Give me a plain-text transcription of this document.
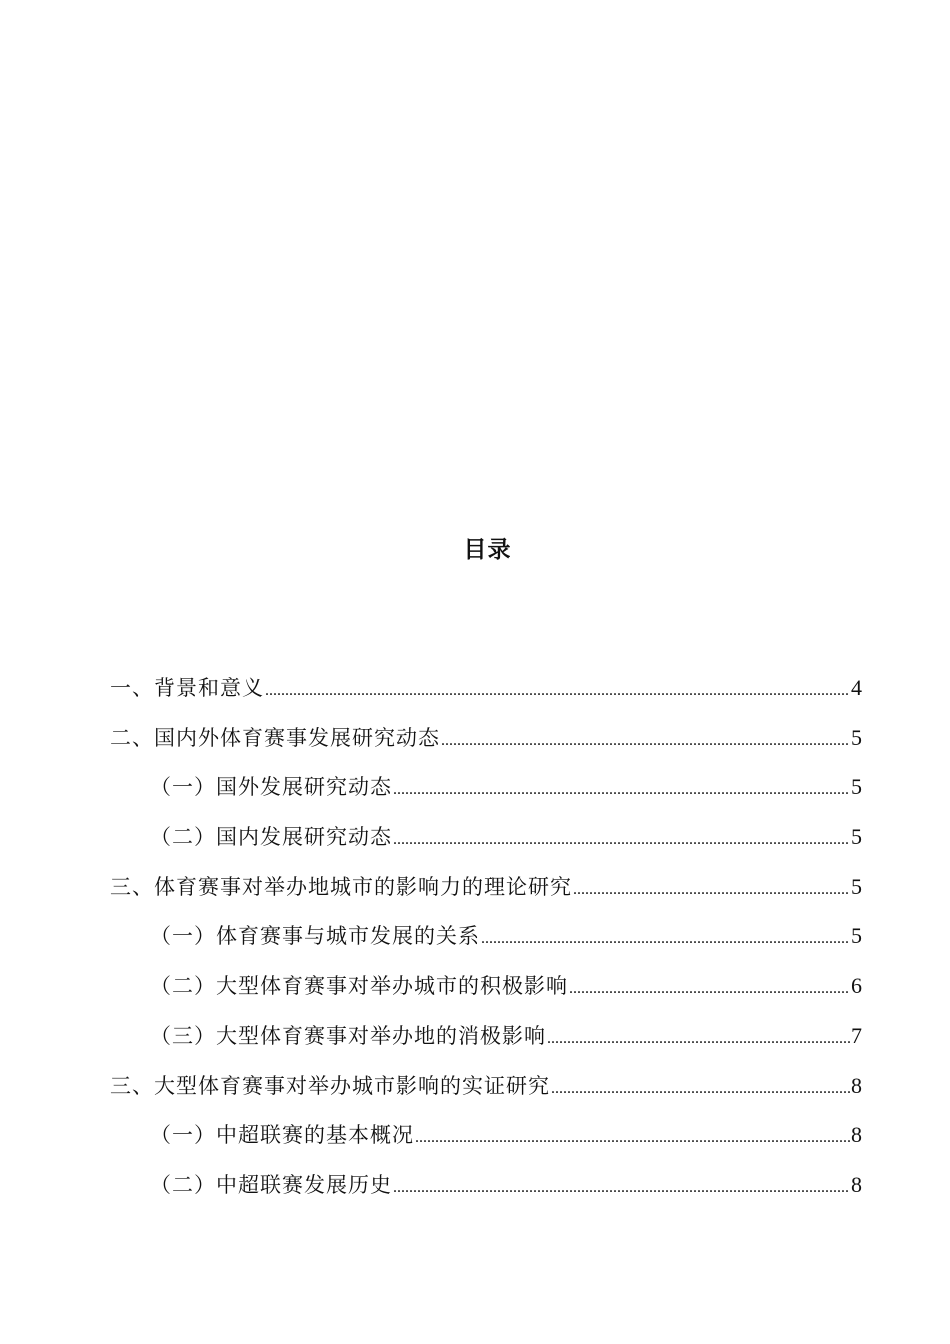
目录
一、背景和意义 .....	4
二、国内外体育赛事发展研究动态 .....	5
（一）国外发展研究动态 .....	5
（二）国内发展研究动态 .....	5
三、体育赛事对举办地城市的影响力的理论研究 .....	5
（一）体育赛事与城市发展的关系 .....	5
（二）大型体育赛事对举办城市的积极影响 .....	6
（三）大型体育赛事对举办地的消极影响 .....	7
三、大型体育赛事对举办城市影响的实证研究 .....	8
（一）中超联赛的基本概况 .....	8
（二）中超联赛发展历史 .....	8
